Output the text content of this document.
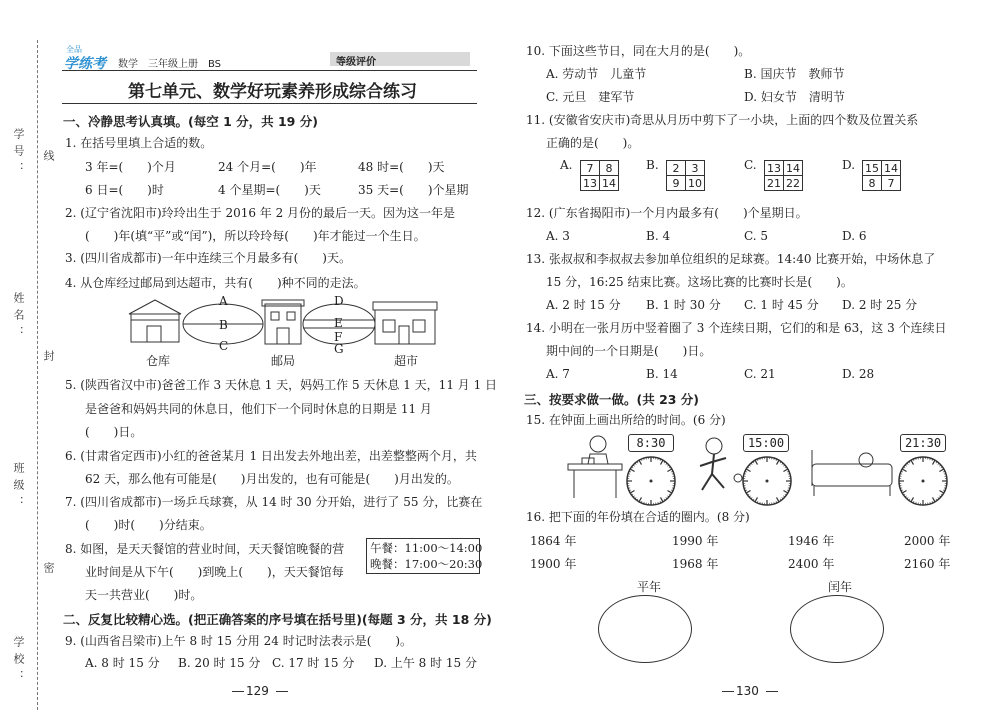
学号： 线
姓名：
封
班级：
密
学校：
全品
学练考 数学　三年级上册　BS	等级评价
第七单元、数学好玩素养形成综合练习
一、冷静思考认真填。(每空 1 分，共 19 分)
1. 在括号里填上合适的数。
3 年=(　　)个月	24 个月=(　　)年	48 时=(　　)天
6 日=(　　)时	4 个星期=(　　)天	35 天=(　　)个星期
2. (辽宁省沈阳市)玲玲出生于 2016 年 2 月份的最后一天。因为这一年是
(　　)年(填“平”或“闰”)，所以玲玲每(　　)年才能过一个生日。
3. (四川省成都市)一年中连续三个月最多有(　　)天。
4. 从仓库经过邮局到达超市，共有(　　)种不同的走法。
A
B
C
D
E
F
G
仓库	邮局	超市
5. (陕西省汉中市)爸爸工作 3 天休息 1 天，妈妈工作 5 天休息 1 天，11 月 1 日
是爸爸和妈妈共同的休息日，他们下一个同时休息的日期是 11 月
(　　)日。
6. (甘肃省定西市)小红的爸爸某月 1 日出发去外地出差，出差整整两个月，共
62 天，那么他有可能是(　　)月出发的，也有可能是(　　)月出发的。
7. (四川省成都市)一场乒乓球赛，从 14 时 30 分开始，进行了 55 分，比赛在
(　　)时(　　)分结束。
8. 如图，是天天餐馆的营业时间，天天餐馆晚餐的营
业时间是从下午(　　)到晚上(　　)，天天餐馆每
天一共营业(　　)时。
午餐：11:00～14:00
晚餐：17:00～20:30
二、反复比较精心选。(把正确答案的序号填在括号里)(每题 3 分，共 18 分)
9. (山西省吕梁市)上午 8 时 15 分用 24 时记时法表示是(　　)。
A. 8 时 15 分 B. 20 时 15 分 C. 17 时 15 分 D. 上午 8 时 15 分
129
10. 下面这些节日，同在大月的是(　　)。
A. 劳动节　儿童节	B. 国庆节　教师节
C. 元旦　建军节	D. 妇女节　清明节
11. (安徽省安庆市)奇思从月历中剪下了一小块，上面的四个数及位置关系
正确的是(　　)。
A. 7	8
13	14
B. 2	3
9	10
C. 13	14
21	22
D. 15	14
8	7
12. (广东省揭阳市)一个月内最多有(　　)个星期日。
A. 3	B. 4	C. 5	D. 6
13. 张叔叔和李叔叔去参加单位组织的足球赛。14:40 比赛开始，中场休息了
15 分，16:25 结束比赛。这场比赛的比赛时长是(　　)。
A. 2 时 15 分 B. 1 时 30 分 C. 1 时 45 分 D. 2 时 25 分
14. 小明在一张月历中竖着圈了 3 个连续日期，它们的和是 63，这 3 个连续日
期中间的一个日期是(　　)日。
A. 7	B. 14	C. 21	D. 28
三、按要求做一做。(共 23 分)
15. 在钟面上画出所给的时间。(6 分)
8:30	15:00	21:30
16. 把下面的年份填在合适的圈内。(8 分)
1864 年	1990 年	1946 年	2000 年
1900 年	1968 年	2400 年	2160 年
平年	闰年
130
